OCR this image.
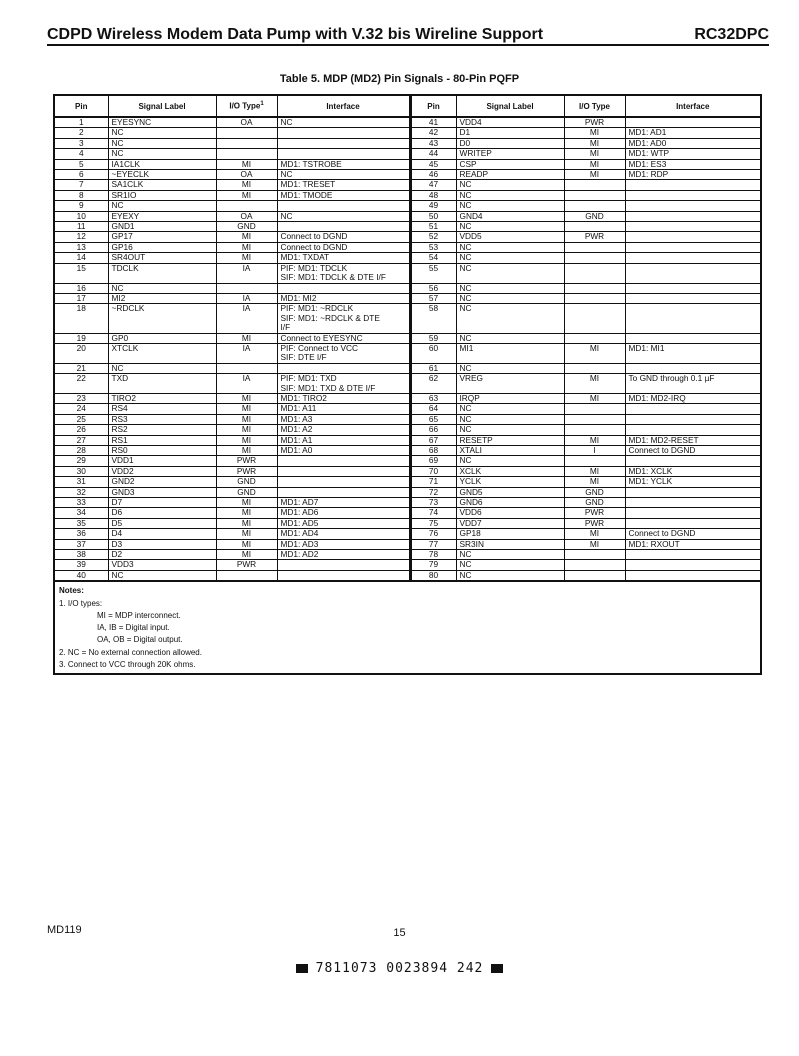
CDPD Wireless Modem Data Pump with V.32 bis Wireline Support	RC32DPC
Table 5. MDP (MD2) Pin Signals - 80-Pin PQFP
Pin	Signal Label	I/O Type$^1$	Interface	Pin	Signal Label	I/O Type	Interface
1	EYESYNC	OA	NC	41	VDD4	PWR	

2	NC			42	D1	MI	MD1: AD1

3	NC			43	D0	MI	MD1: AD0

4	NC			44	WRITEP	MI	MD1: WTP

5	IA1CLK	MI	MD1: TSTROBE	45	CSP	MI	MD1: ES3

6	~EYECLK	OA	NC	46	READP	MI	MD1: RDP

7	SA1CLK	MI	MD1: TRESET	47	NC		

8	SR1IO	MI	MD1: TMODE	48	NC		

9	NC			49	NC		

10	EYEXY	OA	NC	50	GND4	GND	

11	GND1	GND		51	NC		

12	GP17	MI	Connect to DGND	52	VDD5	PWR	

13	GP16	MI	Connect to DGND	53	NC		

14	SR4OUT	MI	MD1: TXDAT	54	NC		

15	TDCLK	IA	PIF: MD1: TDCLK
SIF: MD1: TDCLK & DTE I/F	55	NC		

16	NC			56	NC		

17	MI2	IA	MD1: MI2	57	NC		

18	~RDCLK	IA	PIF: MD1: ~RDCLK
SIF: MD1: ~RDCLK & DTE
I/F	58	NC		

19	GP0	MI	Connect to EYESYNC	59	NC		

20	XTCLK	IA	PIF: Connect to VCC
SIF: DTE I/F	60	MI1	MI	MD1: MI1

21	NC			61	NC		

22	TXD	IA	PIF: MD1: TXD
SIF: MD1: TXD & DTE I/F	62	VREG	MI	To GND through 0.1 µF

23	TIRO2	MI	MD1: TIRO2	63	IRQP	MI	MD1: MD2-IRQ

24	RS4	MI	MD1: A11	64	NC		

25	RS3	MI	MD1: A3	65	NC		

26	RS2	MI	MD1: A2	66	NC		

27	RS1	MI	MD1: A1	67	RESETP	MI	MD1: MD2-RESET

28	RS0	MI	MD1: A0	68	XTALI	I	Connect to DGND

29	VDD1	PWR		69	NC		

30	VDD2	PWR		70	XCLK	MI	MD1: XCLK

31	GND2	GND		71	YCLK	MI	MD1: YCLK

32	GND3	GND		72	GND5	GND	

33	D7	MI	MD1: AD7	73	GND6	GND	

34	D6	MI	MD1: AD6	74	VDD6	PWR	

35	D5	MI	MD1: AD5	75	VDD7	PWR	

36	D4	MI	MD1: AD4	76	GP18	MI	Connect to DGND

37	D3	MI	MD1: AD3	77	SR3IN	MI	MD1: RXOUT

38	D2	MI	MD1: AD2	78	NC		

39	VDD3	PWR		79	NC		

40	NC			80	NC		
Notes:
1. I/O types:
MI = MDP interconnect.
IA, IB = Digital input.
OA, OB = Digital output.
2. NC = No external connection allowed.
3. Connect to VCC through 20K ohms.
MD119	15
7811073 0023894 242
